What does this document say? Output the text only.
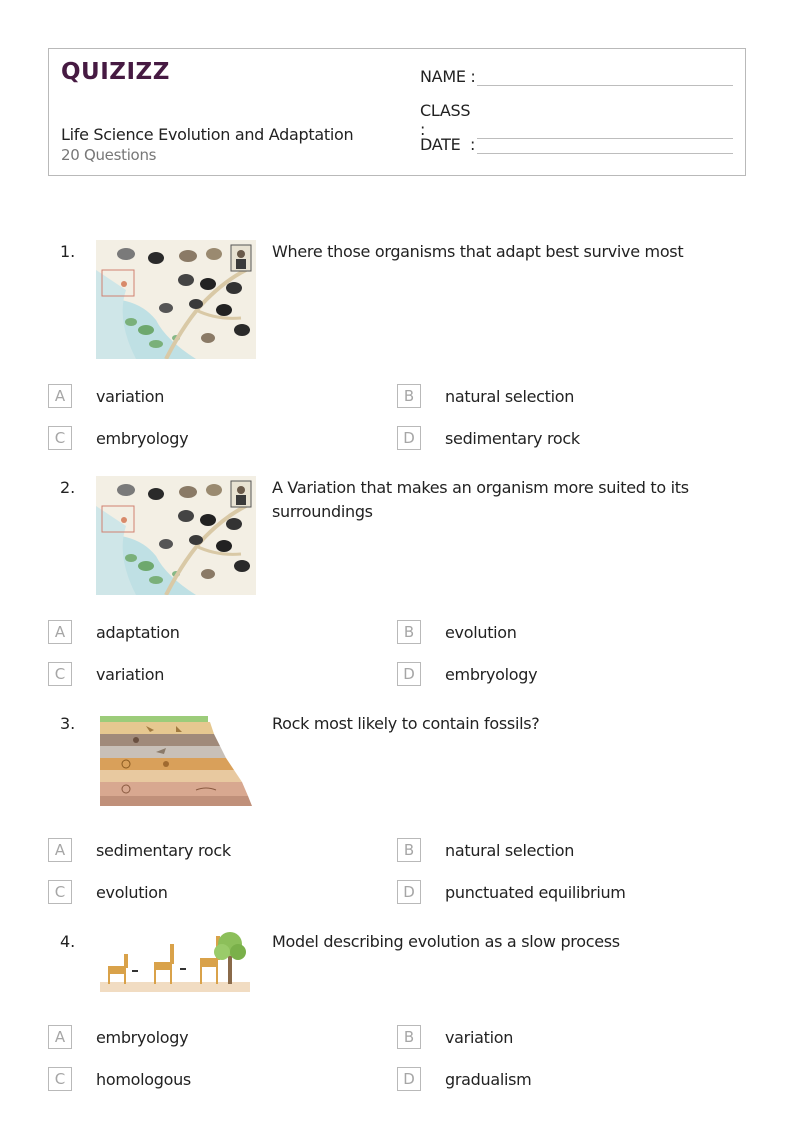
QUIZIZZ
Life Science Evolution and Adaptation
20 Questions
NAME :
CLASS :
DATE  :
1.	Where those organisms that adapt best survive most
A	variation	B	natural selection
C	embryology	D	sedimentary rock
2.	A Variation that makes an organism more suited to its surroundings
A	adaptation	B	evolution
C	variation	D	embryology
3.	Rock most likely to contain fossils?
A	sedimentary rock	B	natural selection
C	evolution	D	punctuated equilibrium
4.	Model describing evolution as a slow process
A	embryology	B	variation
C	homologous	D	gradualism
